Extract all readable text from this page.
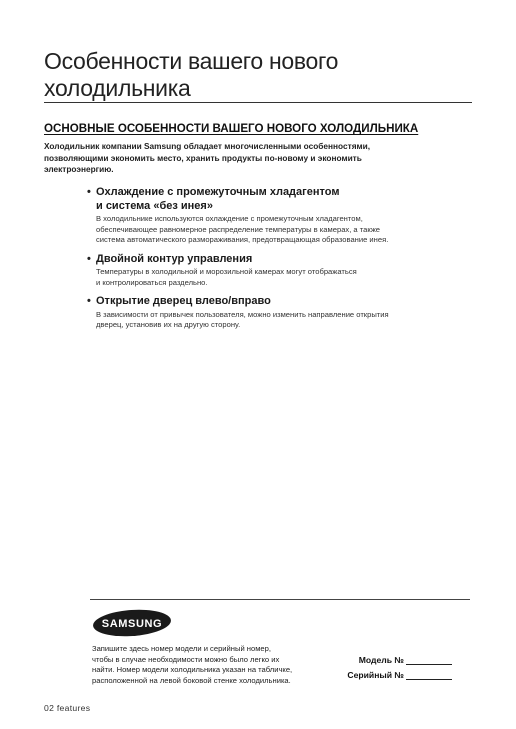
Особенности вашего нового
холодильника
ОСНОВНЫЕ ОСОБЕННОСТИ ВАШЕГО НОВОГО ХОЛОДИЛЬНИКА

Холодильник компании Samsung обладает многочисленными особенностями,
позволяющими экономить место, хранить продукты по-новому и экономить
электроэнергию.

• Охлаждение с промежуточным хладагентом
и система «без инея»

В холодильнике используются охлаждение с промежуточным хладагентом,
обеспечивающее равномерное распределение температуры в камерах, а также
система автоматического размораживания, предотвращающая образование инея.

• Двойной контур управления

Температуры в холодильной и морозильной камерах могут отображаться
и контролироваться раздельно.

• Открытие дверец влево/вправо

В зависимости от привычек пользователя, можно изменить направление открытия
дверец, установив их на другую сторону.

SAMSUNG

Запишите здесь номер модели и серийный номер,
чтобы в случае необходимости можно было легко их
найти. Номер модели холодильника указан на табличке,
расположенной на левой боковой стенке холодильника.

Модель №
Серийный №
02 features
